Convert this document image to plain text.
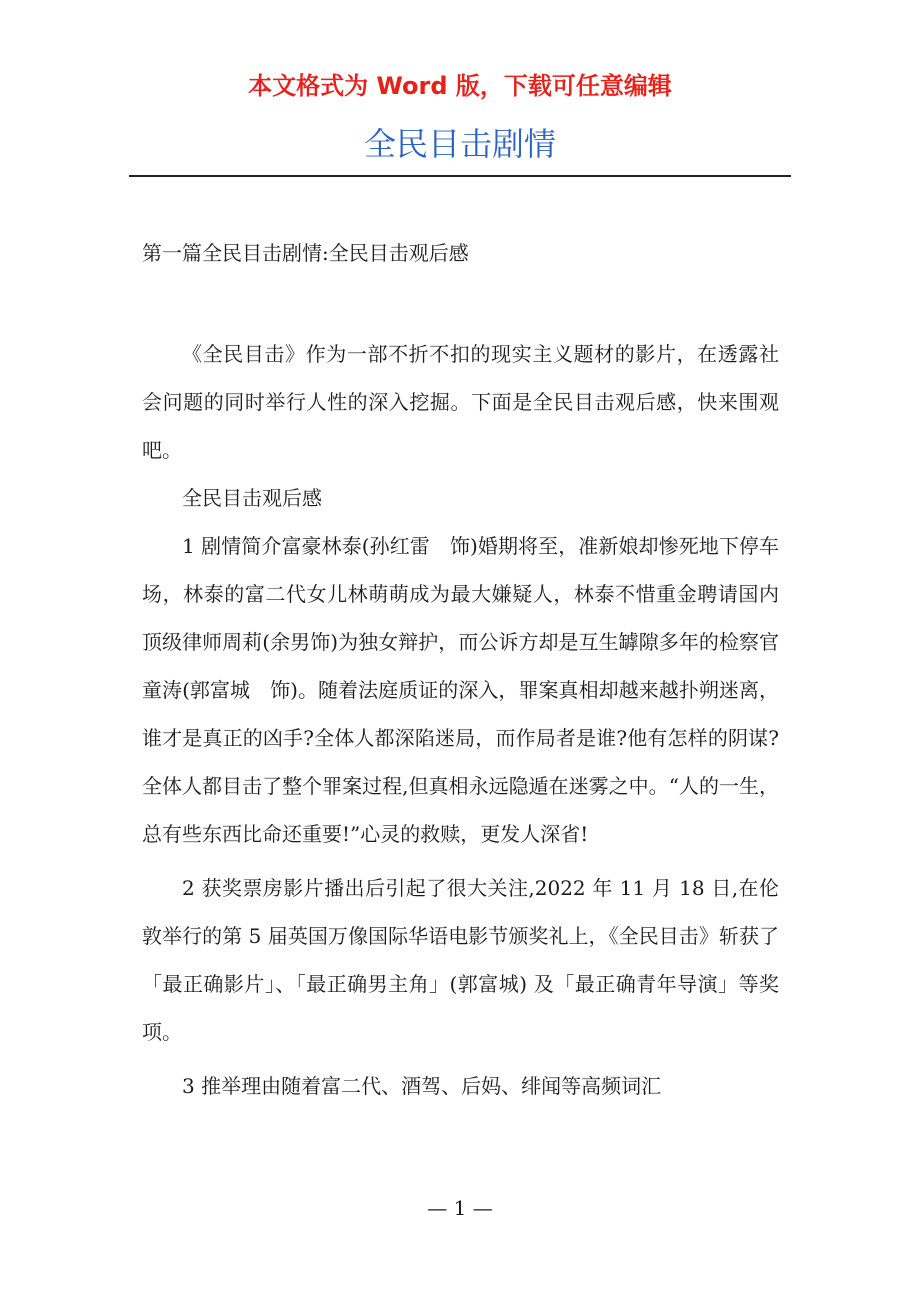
本文格式为 Word 版，下载可任意编辑
全民目击剧情
第一篇全民目击剧情:全民目击观后感

《全民目击》作为一部不折不扣的现实主义题材的影片，在透露社会问题的同时举行人性的深入挖掘。下面是全民目击观后感，快来围观吧。

全民目击观后感

1 剧情简介富豪林泰(孙红雷　饰)婚期将至，准新娘却惨死地下停车场，林泰的富二代女儿林萌萌成为最大嫌疑人，林泰不惜重金聘请国内顶级律师周莉(余男饰)为独女辩护，而公诉方却是互生罅隙多年的检察官童涛(郭富城　饰)。随着法庭质证的深入，罪案真相却越来越扑朔迷离，谁才是真正的凶手?全体人都深陷迷局，而作局者是谁?他有怎样的阴谋?全体人都目击了整个罪案过程,但真相永远隐遁在迷雾之中。“人的一生，总有些东西比命还重要!”心灵的救赎，更发人深省!

2 获奖票房影片播出后引起了很大关注,2022 年 11 月 18 日,在伦敦举行的第 5 届英国万像国际华语电影节颁奖礼上，《全民目击》斩获了「最正确影片」、「最正确男主角」(郭富城) 及「最正确青年导演」等奖项。

3 推举理由随着富二代、酒驾、后妈、绯闻等高频词汇

— 1 —
